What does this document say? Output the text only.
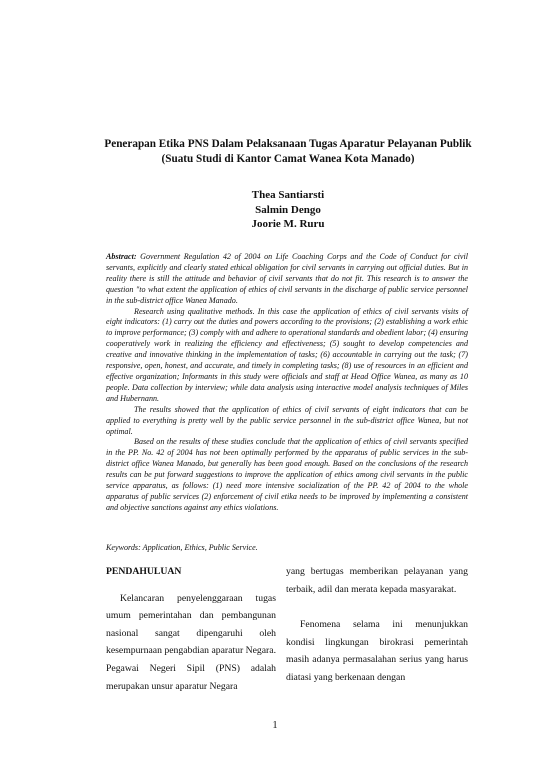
Penerapan Etika PNS Dalam Pelaksanaan Tugas Aparatur Pelayanan Publik
(Suatu Studi di Kantor Camat Wanea Kota Manado)
Thea Santiarsti
Salmin Dengo
Joorie M. Ruru

Abstract: Government Regulation 42 of 2004 on Life Coaching Corps and the Code of Conduct for civil servants, explicitly and clearly stated ethical obligation for civil servants in carrying out official duties. But in reality there is still the attitude and behavior of civil servants that do not fit. This research is to answer the question "to what extent the application of ethics of civil servants in the discharge of public service personnel in the sub-district office Wanea Manado.

Research using qualitative methods. In this case the application of ethics of civil servants visits of eight indicators: (1) carry out the duties and powers according to the provisions; (2) establishing a work ethic to improve performance; (3) comply with and adhere to operational standards and obedient labor; (4) ensuring cooperatively work in realizing the efficiency and effectiveness; (5) sought to develop competencies and creative and innovative thinking in the implementation of tasks; (6) accountable in carrying out the task; (7) responsive, open, honest, and accurate, and timely in completing tasks; (8) use of resources in an efficient and effective organization; Informants in this study were officials and staff at Head Office Wanea, as many as 10 people. Data collection by interview; while data analysis using interactive model analysis techniques of Miles and Hubernann.

The results showed that the application of ethics of civil servants of eight indicators that can be applied to everything is pretty well by the public service personnel in the sub-district office Wanea, but not optimal.

Based on the results of these studies conclude that the application of ethics of civil servants specified in the PP. No. 42 of 2004 has not been optimally performed by the apparatus of public services in the sub-district office Wanea Manado, but generally has been good enough. Based on the conclusions of the research results can be put forward suggestions to improve the application of ethics among civil servants in the public service apparatus, as follows: (1) need more intensive socialization of the PP. 42 of 2004 to the whole apparatus of public services (2) enforcement of civil etika needs to be improved by implementing a consistent and objective sanctions against any ethics violations.

Keywords: Application, Ethics, Public Service.
PENDAHULUAN

Kelancaran penyelenggaraan tugas umum pemerintahan dan pembangunan nasional sangat dipengaruhi oleh kesempurnaan pengabdian aparatur Negara. Pegawai Negeri Sipil (PNS) adalah merupakan unsur aparatur Negara

yang bertugas memberikan pelayanan yang terbaik, adil dan merata kepada masyarakat.

Fenomena selama ini menunjukkan kondisi lingkungan birokrasi pemerintah masih adanya permasalahan serius yang harus diatasi yang berkenaan dengan

1
